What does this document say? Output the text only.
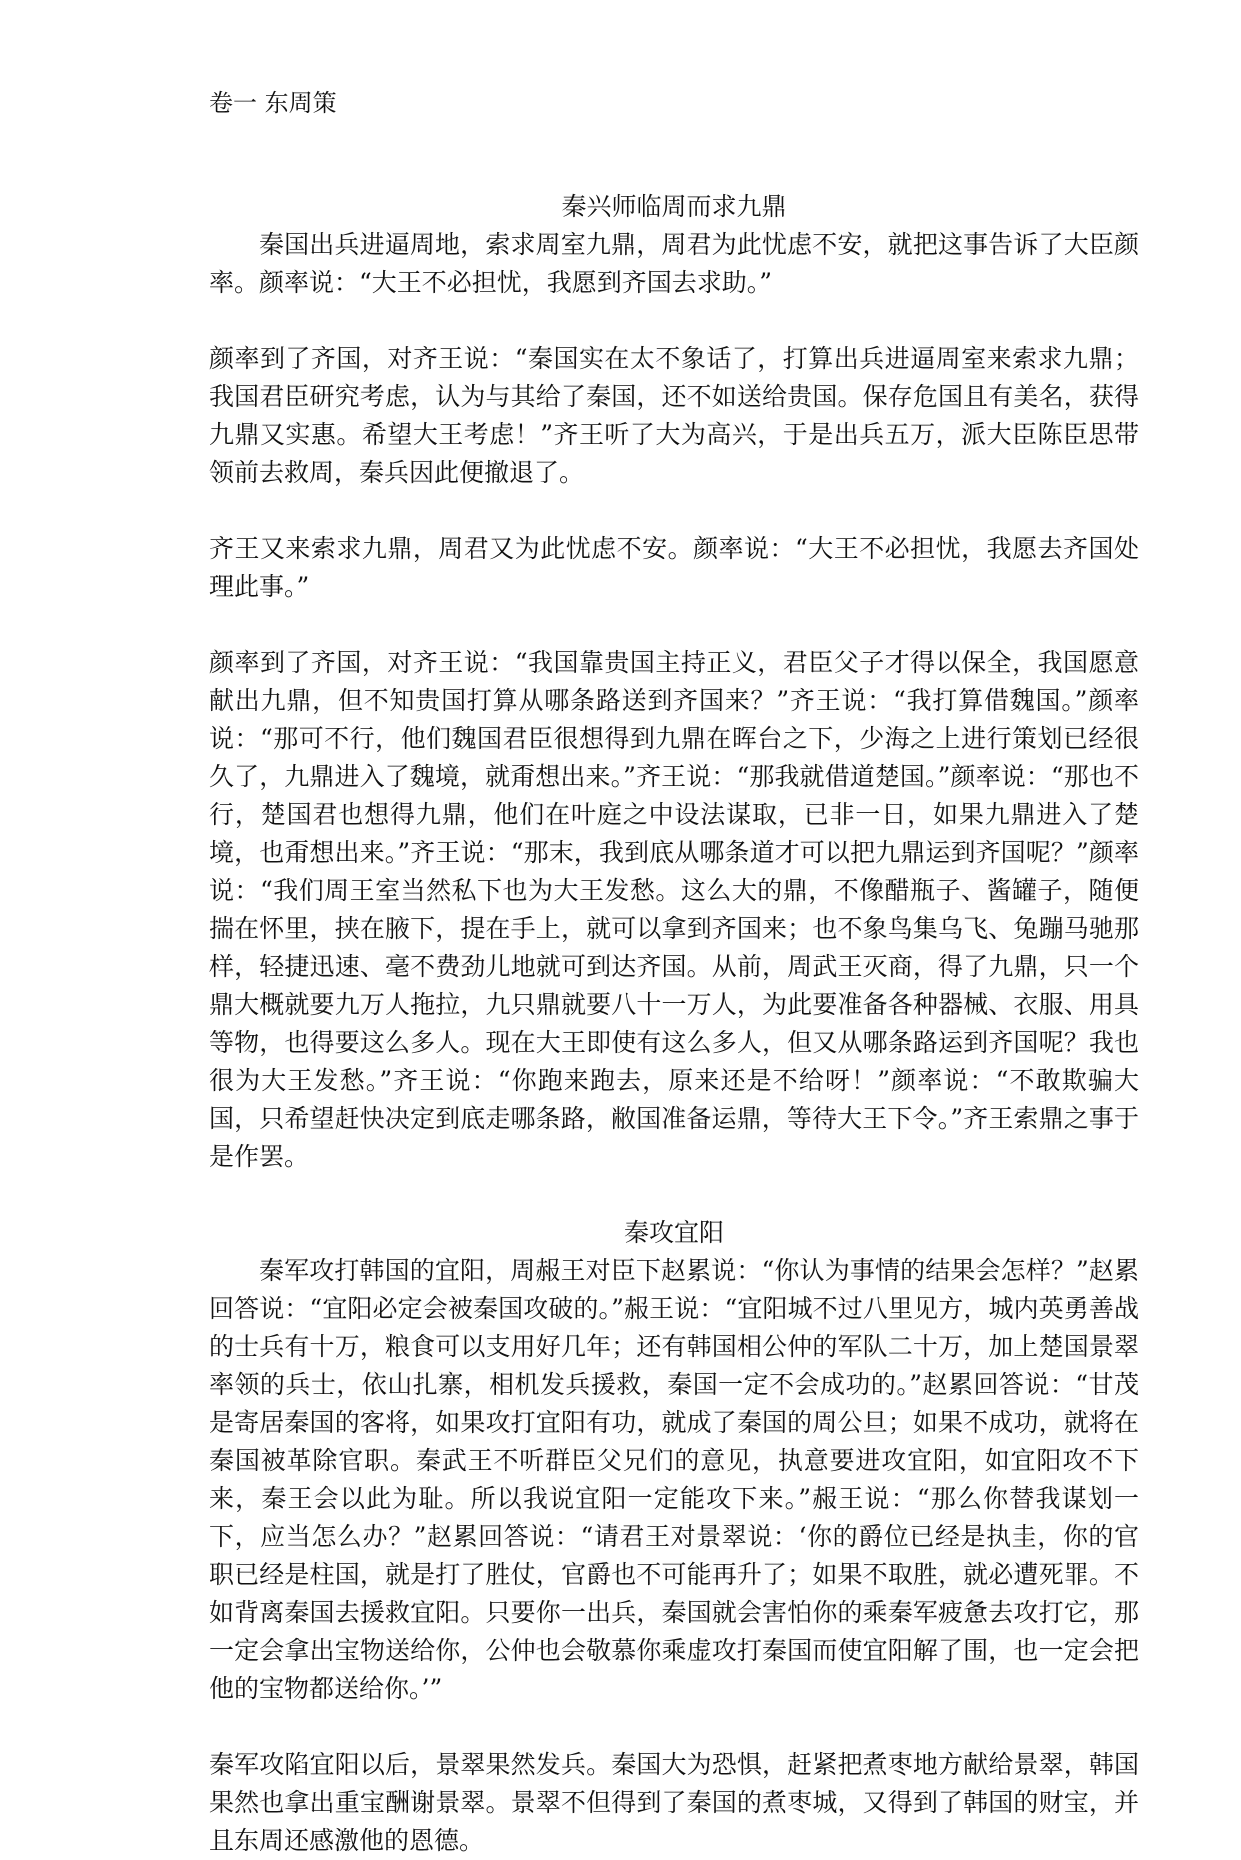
卷一 东周策
秦兴师临周而求九鼎

秦国出兵进逼周地，索求周室九鼎，周君为此忧虑不安，就把这事告诉了大臣颜率。颜率说：“大王不必担忧，我愿到齐国去求助。”

颜率到了齐国，对齐王说：“秦国实在太不象话了，打算出兵进逼周室来索求九鼎；我国君臣研究考虑，认为与其给了秦国，还不如送给贵国。保存危国且有美名，获得九鼎又实惠。希望大王考虑！”齐王听了大为高兴，于是出兵五万，派大臣陈臣思带领前去救周，秦兵因此便撤退了。

齐王又来索求九鼎，周君又为此忧虑不安。颜率说：“大王不必担忧，我愿去齐国处理此事。”

颜率到了齐国，对齐王说：“我国靠贵国主持正义，君臣父子才得以保全，我国愿意献出九鼎，但不知贵国打算从哪条路送到齐国来？”齐王说：“我打算借魏国。”颜率说：“那可不行，他们魏国君臣很想得到九鼎在晖台之下，少海之上进行策划已经很久了，九鼎进入了魏境，就甭想出来。”齐王说：“那我就借道楚国。”颜率说：“那也不行，楚国君也想得九鼎，他们在叶庭之中设法谋取，已非一日，如果九鼎进入了楚境，也甭想出来。”齐王说：“那末，我到底从哪条道才可以把九鼎运到齐国呢？”颜率说：“我们周王室当然私下也为大王发愁。这么大的鼎，不像醋瓶子、酱罐子，随便揣在怀里，挟在腋下，提在手上，就可以拿到齐国来；也不象鸟集乌飞、兔蹦马驰那样，轻捷迅速、毫不费劲儿地就可到达齐国。从前，周武王灭商，得了九鼎，只一个鼎大概就要九万人拖拉，九只鼎就要八十一万人，为此要准备各种器械、衣服、用具等物，也得要这么多人。现在大王即使有这么多人，但又从哪条路运到齐国呢？我也很为大王发愁。”齐王说：“你跑来跑去，原来还是不给呀！”颜率说：“不敢欺骗大国，只希望赶快决定到底走哪条路，敝国准备运鼎，等待大王下令。”齐王索鼎之事于是作罢。

秦攻宜阳

秦军攻打韩国的宜阳，周赧王对臣下赵累说：“你认为事情的结果会怎样？”赵累回答说：“宜阳必定会被秦国攻破的。”赧王说：“宜阳城不过八里见方，城内英勇善战的士兵有十万，粮食可以支用好几年；还有韩国相公仲的军队二十万，加上楚国景翠率领的兵士，依山扎寨，相机发兵援救，秦国一定不会成功的。”赵累回答说：“甘茂是寄居秦国的客将，如果攻打宜阳有功，就成了秦国的周公旦；如果不成功，就将在秦国被革除官职。秦武王不听群臣父兄们的意见，执意要进攻宜阳，如宜阳攻不下来，秦王会以此为耻。所以我说宜阳一定能攻下来。”赧王说：“那么你替我谋划一下，应当怎么办？”赵累回答说：“请君王对景翠说：‘你的爵位已经是执圭，你的官职已经是柱国，就是打了胜仗，官爵也不可能再升了；如果不取胜，就必遭死罪。不如背离秦国去援救宜阳。只要你一出兵，秦国就会害怕你的乘秦军疲惫去攻打它，那一定会拿出宝物送给你，公仲也会敬慕你乘虚攻打秦国而使宜阳解了围，也一定会把他的宝物都送给你。’”

秦军攻陷宜阳以后，景翠果然发兵。秦国大为恐惧，赶紧把煮枣地方献给景翠，韩国果然也拿出重宝酬谢景翠。景翠不但得到了秦国的煮枣城，又得到了韩国的财宝，并且东周还感激他的恩德。
